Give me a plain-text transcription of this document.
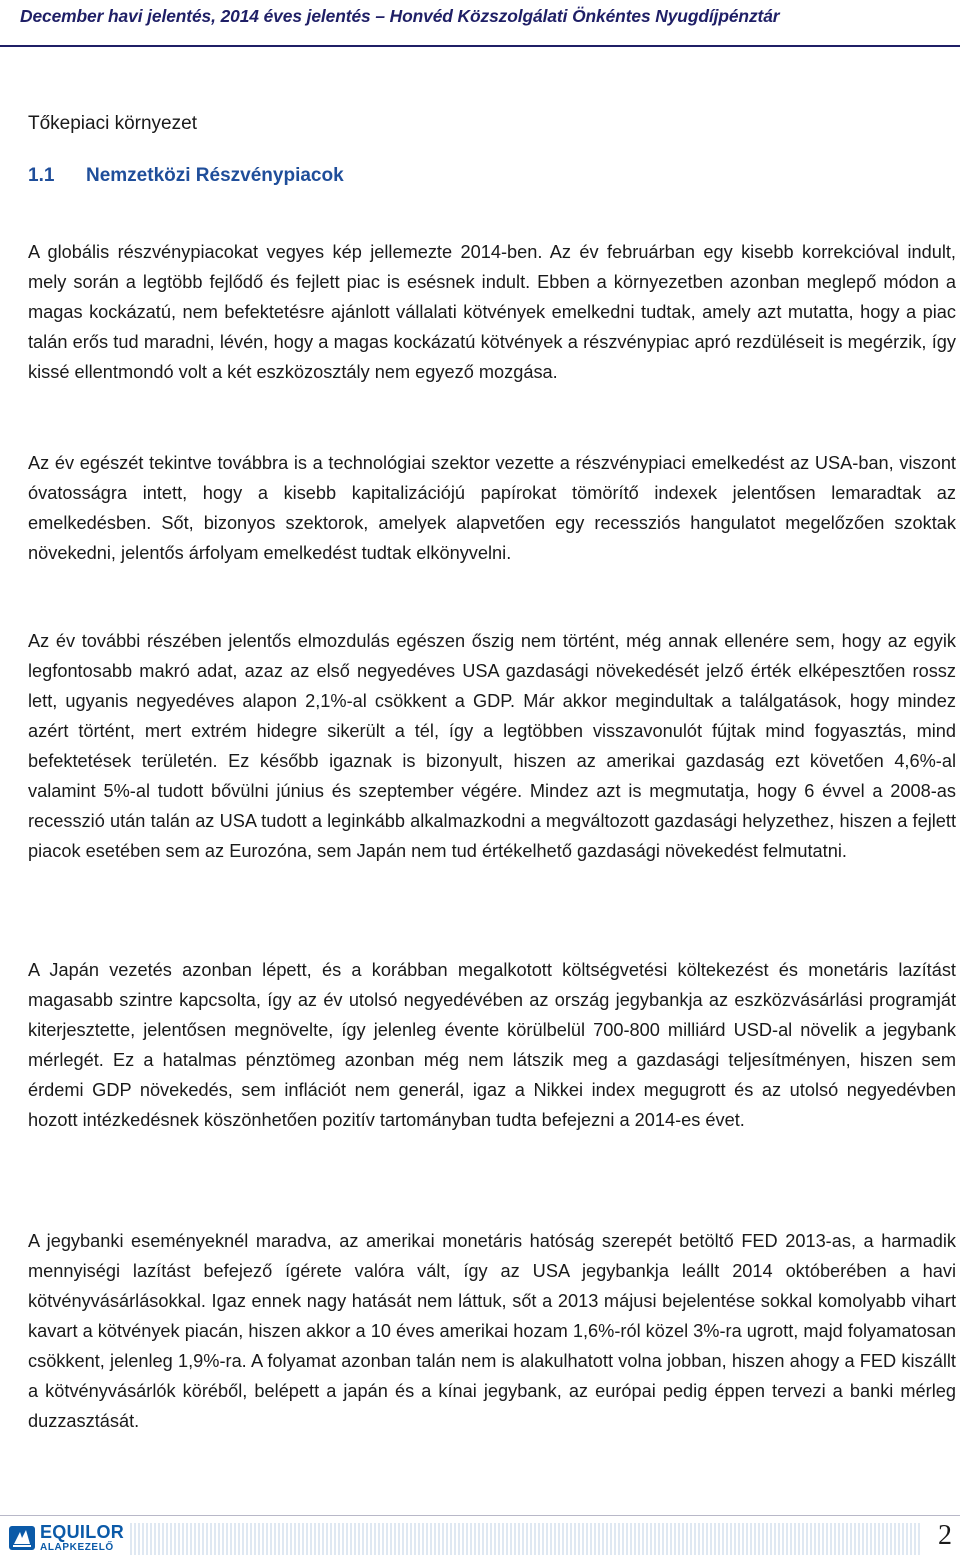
December havi jelentés, 2014 éves jelentés – Honvéd Közszolgálati Önkéntes Nyugdíjpénztár
Tőkepiaci környezet
1.1 Nemzetközi Részvénypiacok

A globális részvénypiacokat vegyes kép jellemezte 2014-ben. Az év februárban egy kisebb korrekcióval indult, mely során a legtöbb fejlődő és fejlett piac is esésnek indult. Ebben a környezetben azonban meglepő módon a magas kockázatú, nem befektetésre ajánlott vállalati kötvények emelkedni tudtak, amely azt mutatta, hogy a piac talán erős tud maradni, lévén, hogy a magas kockázatú kötvények a részvénypiac apró rezdüléseit is megérzik, így kissé ellentmondó volt a két eszközosztály nem egyező mozgása.

Az év egészét tekintve továbbra is a technológiai szektor vezette a részvénypiaci emelkedést az USA-ban, viszont óvatosságra intett, hogy a kisebb kapitalizációjú papírokat tömörítő indexek jelentősen lemaradtak az emelkedésben. Sőt, bizonyos szektorok, amelyek alapvetően egy recessziós hangulatot megelőzően szoktak növekedni, jelentős árfolyam emelkedést tudtak elkönyvelni.

Az év további részében jelentős elmozdulás egészen őszig nem történt, még annak ellenére sem, hogy az egyik legfontosabb makró adat, azaz az első negyedéves USA gazdasági növekedését jelző érték elképesztően rossz lett, ugyanis negyedéves alapon 2,1%-al csökkent a GDP. Már akkor megindultak a találgatások, hogy mindez azért történt, mert extrém hidegre sikerült a tél, így a legtöbben visszavonulót fújtak mind fogyasztás, mind befektetések területén. Ez később igaznak is bizonyult, hiszen az amerikai gazdaság ezt követően 4,6%-al valamint 5%-al tudott bővülni június és szeptember végére. Mindez azt is megmutatja, hogy 6 évvel a 2008-as recesszió után talán az USA tudott a leginkább alkalmazkodni a megváltozott gazdasági helyzethez, hiszen a fejlett piacok esetében sem az Eurozóna, sem Japán nem tud értékelhető gazdasági növekedést felmutatni.

A Japán vezetés azonban lépett, és a korábban megalkotott költségvetési költekezést és monetáris lazítást magasabb szintre kapcsolta, így az év utolsó negyedévében az ország jegybankja az eszközvásárlási programját kiterjesztette, jelentősen megnövelte, így jelenleg évente körülbelül 700-800 milliárd USD-al növelik a jegybank mérlegét. Ez a hatalmas pénztömeg azonban még nem látszik meg a gazdasági teljesítményen, hiszen sem érdemi GDP növekedés, sem inflációt nem generál, igaz a Nikkei index megugrott és az utolsó negyedévben hozott intézkedésnek köszönhetően pozitív tartományban tudta befejezni a 2014-es évet.

A jegybanki eseményeknél maradva, az amerikai monetáris hatóság szerepét betöltő FED 2013-as, a harmadik mennyiségi lazítást befejező ígérete valóra vált, így az USA jegybankja leállt 2014 októberében a havi kötvényvásárlásokkal. Igaz ennek nagy hatását nem láttuk, sőt a 2013 májusi bejelentése sokkal komolyabb vihart kavart a kötvények piacán, hiszen akkor a 10 éves amerikai hozam 1,6%-ról közel 3%-ra ugrott, majd folyamatosan csökkent, jelenleg 1,9%-ra. A folyamat azonban talán nem is alakulhatott volna jobban, hiszen ahogy a FED kiszállt a kötvényvásárlók köréből, belépett a japán és a kínai jegybank, az európai pedig éppen tervezi a banki mérleg duzzasztását.

EQUILOR
ALAPKEZELŐ	2
